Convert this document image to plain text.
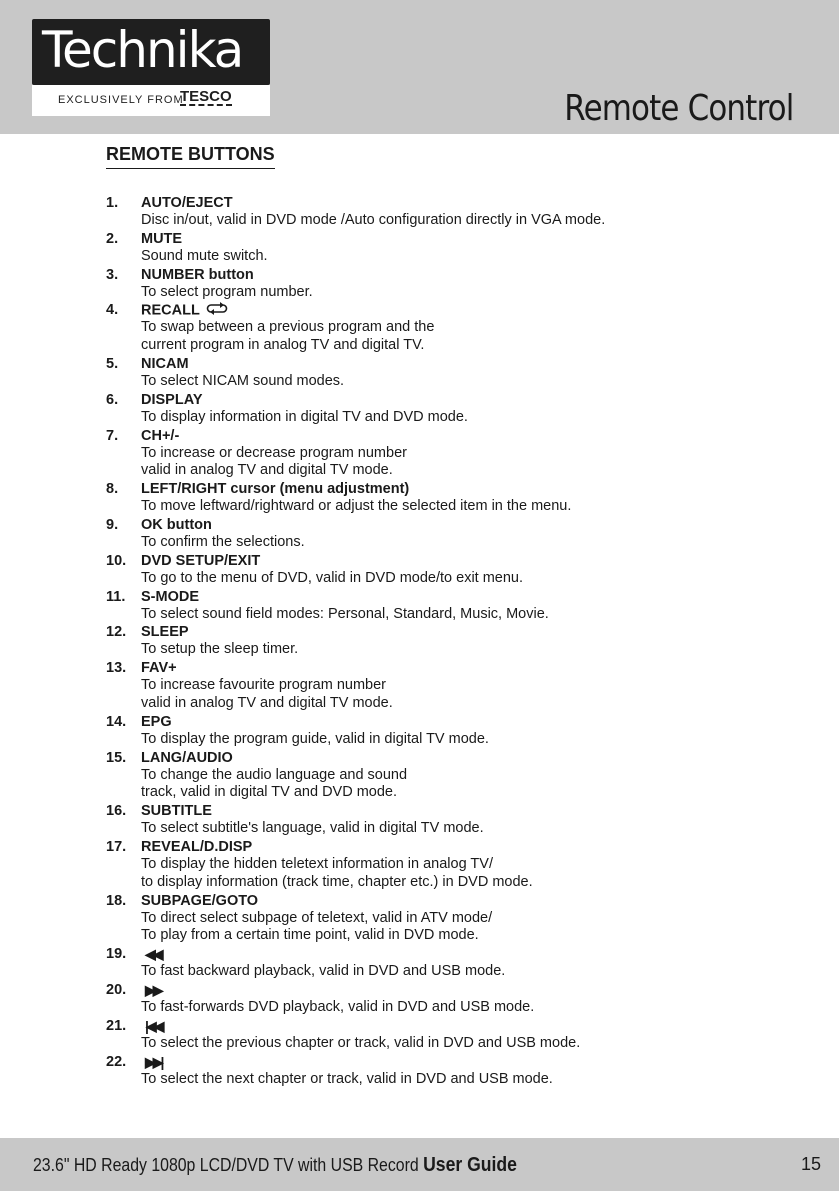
Technika
EXCLUSIVELY FROM
TESCO	Remote Control
REMOTE BUTTONS
1. AUTO/EJECT
Disc in/out, valid in DVD mode /Auto configuration directly in VGA mode.
2. MUTE
Sound mute switch.
3. NUMBER button
To select program number.
4. RECALL
To swap between a previous program and the
current program in analog TV and digital TV.
5. NICAM
To select NICAM sound modes.
6. DISPLAY
To display information in digital TV and DVD mode.
7. CH+/-
To increase or decrease program number
valid in analog TV and digital TV mode.
8. LEFT/RIGHT cursor (menu adjustment)
To move leftward/rightward or adjust the selected item in the menu.
9. OK button
To confirm the selections.
10. DVD SETUP/EXIT
To go to the menu of DVD, valid in DVD mode/to exit menu.
11. S-MODE
To select sound field modes: Personal, Standard, Music, Movie.
12. SLEEP
To setup the sleep timer.
13. FAV+
To increase favourite program number
valid in analog TV and digital TV mode.
14. EPG
To display the program guide, valid in digital TV mode.
15. LANG/AUDIO
To change the audio language and sound
track, valid in digital TV and DVD mode.
16. SUBTITLE
To select subtitle's language, valid in digital TV mode.
17. REVEAL/D.DISP
To display the hidden teletext information in analog TV/
to display information (track time, chapter etc.) in DVD mode.
18. SUBPAGE/GOTO
To direct select subpage of teletext, valid in ATV mode/
To play from a certain time point, valid in DVD mode.
19. ◀◀
To fast backward playback, valid in DVD and USB mode.
20. ▶▶
To fast-forwards DVD playback, valid in DVD and USB mode.
21. |◀◀
To select the previous chapter or track, valid in DVD and USB mode.
22. ▶▶|
To select the next chapter or track, valid in DVD and USB mode.
23.6" HD Ready 1080p LCD/DVD TV with USB Record User Guide	15
